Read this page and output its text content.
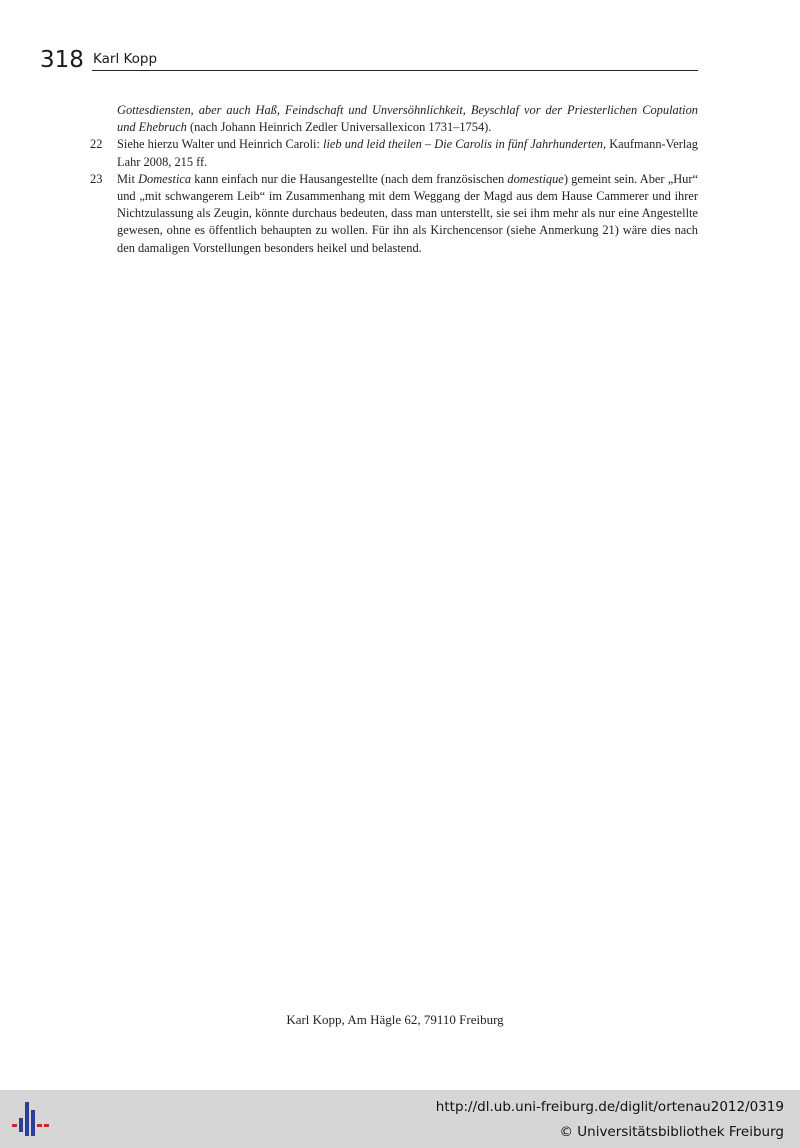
318 Karl Kopp

Gottesdiensten, aber auch Haß, Feindschaft und Unversöhnlichkeit, Beyschlaf vor der Priesterlichen Copulation und Ehebruch (nach Johann Heinrich Zedler Universallexicon 1731–1754).

22 Siehe hierzu Walter und Heinrich Caroli: lieb und leid theilen – Die Carolis in fünf Jahrhunderten, Kaufmann-Verlag Lahr 2008, 215 ff.

23 Mit Domestica kann einfach nur die Hausangestellte (nach dem französischen domestique) gemeint sein. Aber „Hur“ und „mit schwangerem Leib“ im Zusammenhang mit dem Weggang der Magd aus dem Hause Cammerer und ihrer Nichtzulassung als Zeugin, könnte durchaus bedeuten, dass man unterstellt, sie sei ihm mehr als nur eine Angestellte gewesen, ohne es öffentlich behaupten zu wollen. Für ihn als Kirchencensor (siehe Anmerkung 21) wäre dies nach den damaligen Vorstellungen besonders heikel und belastend.

Karl Kopp, Am Hägle 62, 79110 Freiburg
http://dl.ub.uni-freiburg.de/diglit/ortenau2012/0319
© Universitätsbibliothek Freiburg
